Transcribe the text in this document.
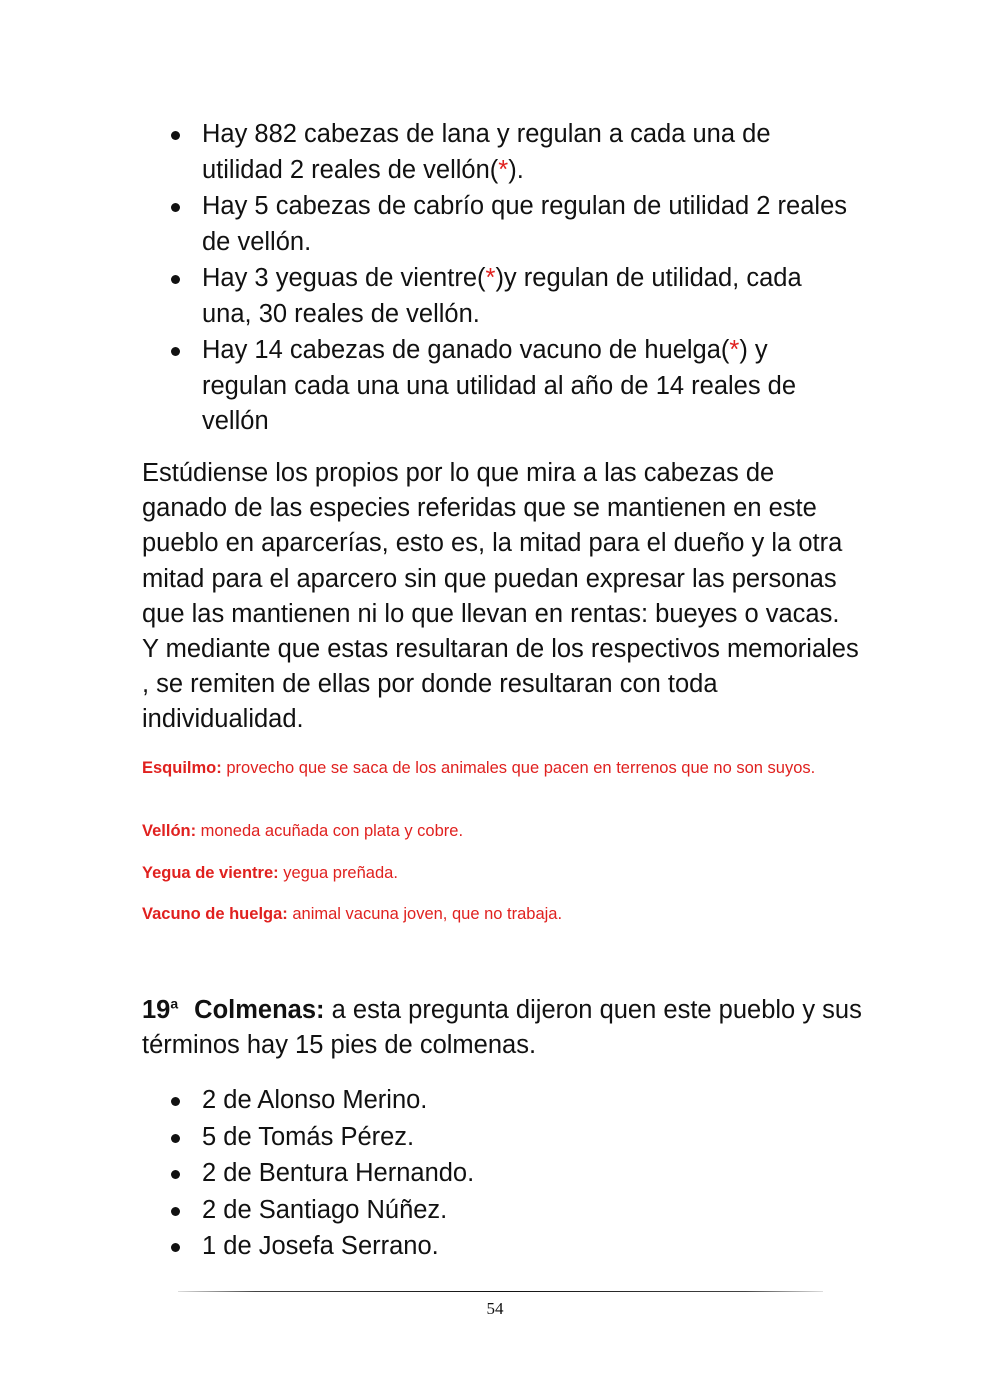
Hay 882 cabezas de lana y regulan a cada una de utilidad 2 reales de vellón(*).
Hay 5 cabezas de cabrío que regulan de utilidad 2 reales de vellón.
Hay 3 yeguas de vientre(*)y regulan de utilidad, cada una, 30 reales de vellón.
Hay 14 cabezas de ganado vacuno de huelga(*) y regulan cada una una utilidad al año de 14 reales de vellón

Estúdiense los propios por lo que mira a las cabezas de ganado de las especies referidas que se mantienen en este pueblo en aparcerías, esto es, la mitad para el dueño y la otra mitad para el aparcero sin que puedan expresar las personas que las mantienen ni lo que llevan en rentas: bueyes o vacas. Y mediante que estas resultaran de los respectivos memoriales , se remiten de ellas por donde resultaran con toda individualidad.

Esquilmo: provecho que se saca de los animales que pacen en terrenos que no son suyos.

Vellón: moneda acuñada con plata y cobre.

Yegua de vientre: yegua preñada.

Vacuno de huelga: animal vacuna joven, que no trabaja.

19$^a$ Colmenas: a esta pregunta dijeron quen este pueblo y sus términos hay 15 pies de colmenas.

2 de Alonso Merino.
5 de Tomás Pérez.
2 de Bentura Hernando.
2 de Santiago Núñez.
1 de Josefa Serrano.
54
